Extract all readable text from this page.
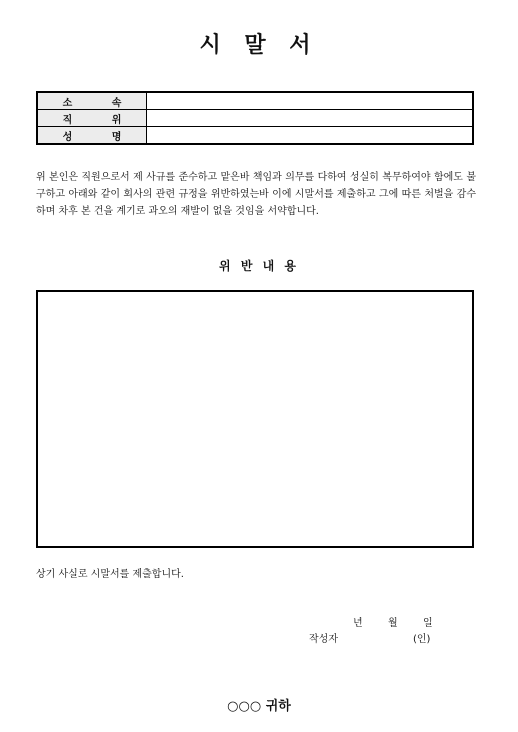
시 말 서
소 속	
직 위	
성 명	
위 본인은 직원으로서 제 사규를 준수하고 맡은바 책임과 의무를 다하여 성실히 복무하여야 함에도 불구하고 아래와 같이 회사의 관련 규정을 위반하였는바 이에 시말서를 제출하고 그에 따른 처벌을 감수하며 차후 본 건을 계기로 과오의 재발이 없을 것임을 서약합니다.
위 반 내 용
상기 사실로 시말서를 제출합니다.
년	월	일
작성자	(인)
○○○ 귀하
